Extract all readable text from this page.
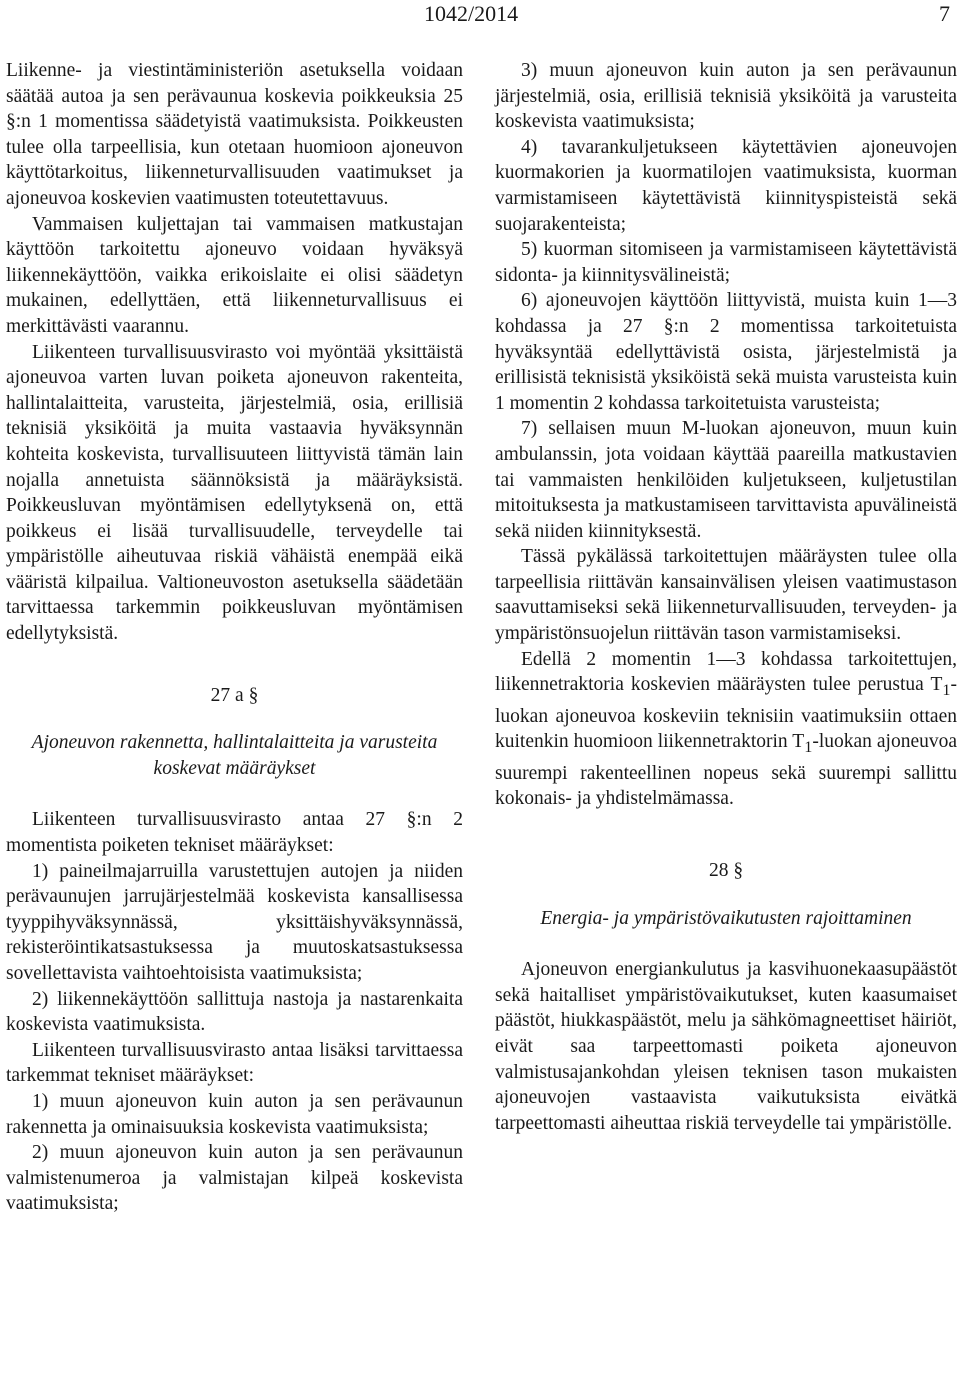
1042/2014	7

Liikenne- ja viestintäministeriön asetuksella voidaan säätää autoa ja sen perävaunua koskevia poikkeuksia 25 §:n 1 momentissa säädetyistä vaatimuksista. Poikkeusten tulee olla tarpeellisia, kun otetaan huomioon ajoneuvon käyttötarkoitus, liikenneturvallisuuden vaatimukset ja ajoneuvoa koskevien vaatimusten toteutettavuus.

Vammaisen kuljettajan tai vammaisen matkustajan käyttöön tarkoitettu ajoneuvo voidaan hyväksyä liikennekäyttöön, vaikka erikoislaite ei olisi säädetyn mukainen, edellyttäen, että liikenneturvallisuus ei merkittävästi vaarannu.

Liikenteen turvallisuusvirasto voi myöntää yksittäistä ajoneuvoa varten luvan poiketa ajoneuvon rakenteita, hallintalaitteita, varusteita, järjestelmiä, osia, erillisiä teknisiä yksiköitä ja muita vastaavia hyväksynnän kohteita koskevista, turvallisuuteen liittyvistä tämän lain nojalla annetuista säännöksistä ja määräyksistä. Poikkeusluvan myöntämisen edellytyksenä on, että poikkeus ei lisää turvallisuudelle, terveydelle tai ympäristölle aiheutuvaa riskiä vähäistä enempää eikä vääristä kilpailua. Valtioneuvoston asetuksella säädetään tarvittaessa tarkemmin poikkeusluvan myöntämisen edellytyksistä.

27 a §

Ajoneuvon rakennetta, hallintalaitteita ja varusteita koskevat määräykset

Liikenteen turvallisuusvirasto antaa 27 §:n 2 momentista poiketen tekniset määräykset:

1) paineilmajarruilla varustettujen autojen ja niiden perävaunujen jarrujärjestelmää koskevista kansallisessa tyyppihyväksynnässä, yksittäishyväksynnässä, rekisteröintikatsastuksessa ja muutoskatsastuksessa sovellettavista vaihtoehtoisista vaatimuksista;

2) liikennekäyttöön sallittuja nastoja ja nastarenkaita koskevista vaatimuksista.

Liikenteen turvallisuusvirasto antaa lisäksi tarvittaessa tarkemmat tekniset määräykset:

1) muun ajoneuvon kuin auton ja sen perävaunun rakennetta ja ominaisuuksia koskevista vaatimuksista;

2) muun ajoneuvon kuin auton ja sen perävaunun valmistenumeroa ja valmistajan kilpeä koskevista vaatimuksista;

3) muun ajoneuvon kuin auton ja sen perävaunun järjestelmiä, osia, erillisiä teknisiä yksiköitä ja varusteita koskevista vaatimuksista;

4) tavarankuljetukseen käytettävien ajoneuvojen kuormakorien ja kuormatilojen vaatimuksista, kuorman varmistamiseen käytettävistä kiinnityspisteistä sekä suojarakenteista;

5) kuorman sitomiseen ja varmistamiseen käytettävistä sidonta- ja kiinnitysvälineistä;

6) ajoneuvojen käyttöön liittyvistä, muista kuin 1—3 kohdassa ja 27 §:n 2 momentissa tarkoitetuista hyväksyntää edellyttävistä osista, järjestelmistä ja erillisistä teknisistä yksiköistä sekä muista varusteista kuin 1 momentin 2 kohdassa tarkoitetuista varusteista;

7) sellaisen muun M-luokan ajoneuvon, muun kuin ambulanssin, jota voidaan käyttää paareilla matkustavien tai vammaisten henkilöiden kuljetukseen, kuljetustilan mitoituksesta ja matkustamiseen tarvittavista apuvälineistä sekä niiden kiinnityksestä.

Tässä pykälässä tarkoitettujen määräysten tulee olla tarpeellisia riittävän kansainvälisen yleisen vaatimustason saavuttamiseksi sekä liikenneturvallisuuden, terveyden- ja ympäristönsuojelun riittävän tason varmistamiseksi.

Edellä 2 momentin 1—3 kohdassa tarkoitettujen, liikennetraktoria koskevien määräysten tulee perustua $T_1$-luokan ajoneuvoa koskeviin teknisiin vaatimuksiin ottaen kuitenkin huomioon liikennetraktorin $T_1$-luokan ajoneuvoa suurempi rakenteellinen nopeus sekä suurempi sallittu kokonais- ja yhdistelmämassa.

28 §

Energia- ja ympäristövaikutusten rajoittaminen

Ajoneuvon energiankulutus ja kasvihuonekaasupäästöt sekä haitalliset ympäristövaikutukset, kuten kaasumaiset päästöt, hiukkaspäästöt, melu ja sähkömagneettiset häiriöt, eivät saa tarpeettomasti poiketa ajoneuvon valmistusajankohdan yleisen teknisen tason mukaisten ajoneuvojen vastaavista vaikutuksista eivätkä tarpeettomasti aiheuttaa riskiä terveydelle tai ympäristölle.
